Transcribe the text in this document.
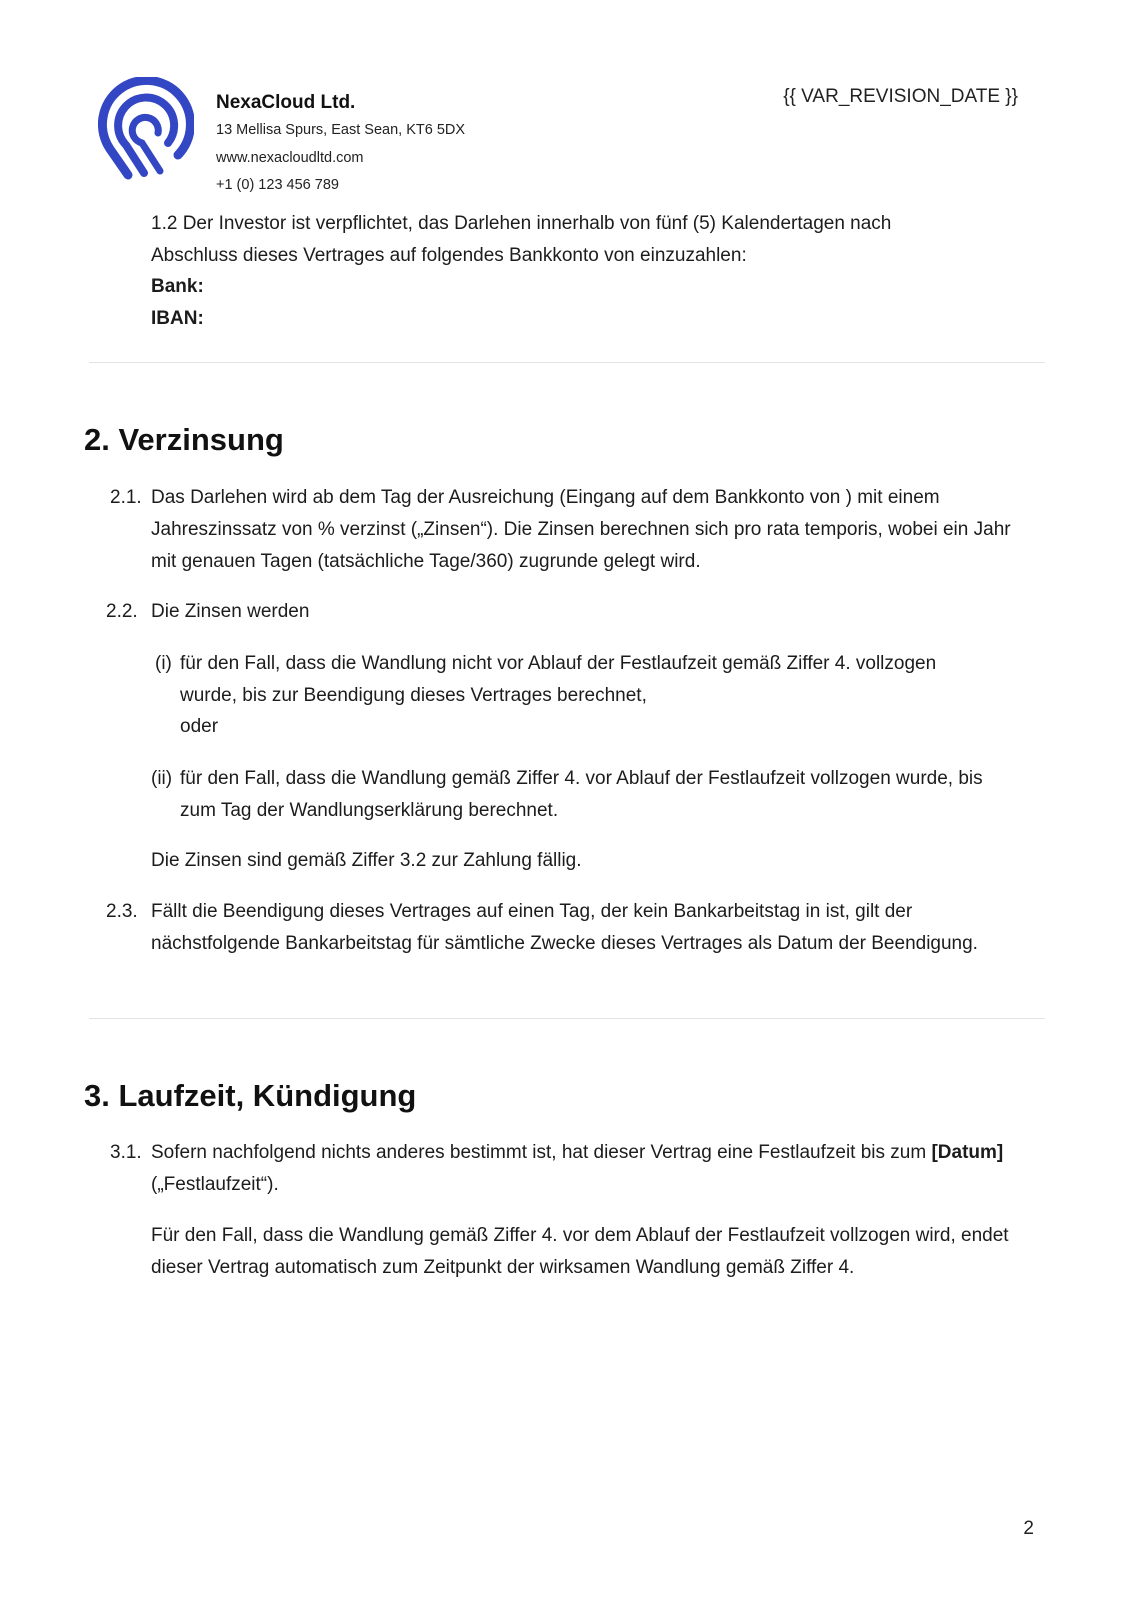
NexaCloud Ltd.
13 Mellisa Spurs, East Sean, KT6 5DX
www.nexacloudltd.com
+1 (0) 123 456 789
{{ VAR_REVISION_DATE }}

1.2 Der Investor ist verpflichtet, das Darlehen innerhalb von fünf (5) Kalendertagen nach

Abschluss dieses Vertrages auf folgendes Bankkonto von einzuzahlen:

Bank:

IBAN:

2. Verzinsung
2.1. Das Darlehen wird ab dem Tag der Ausreichung (Eingang auf dem Bankkonto von ) mit einem Jahreszinssatz von % verzinst („Zinsen“). Die Zinsen berechnen sich pro rata temporis, wobei ein Jahr mit genauen Tagen (tatsächliche Tage/360) zugrunde gelegt wird.

2.2. Die Zinsen werden

(i) für den Fall, dass die Wandlung nicht vor Ablauf der Festlaufzeit gemäß Ziffer 4. vollzogen wurde, bis zur Beendigung dieses Vertrages berechnet,

oder

(ii) für den Fall, dass die Wandlung gemäß Ziffer 4. vor Ablauf der Festlaufzeit vollzogen wurde, bis zum Tag der Wandlungserklärung berechnet.

Die Zinsen sind gemäß Ziffer 3.2 zur Zahlung fällig.

2.3. Fällt die Beendigung dieses Vertrages auf einen Tag, der kein Bankarbeitstag in ist, gilt der nächstfolgende Bankarbeitstag für sämtliche Zwecke dieses Vertrages als Datum der Beendigung.

3. Laufzeit, Kündigung
3.1. Sofern nachfolgend nichts anderes bestimmt ist, hat dieser Vertrag eine Festlaufzeit bis zum [Datum] („Festlaufzeit“).

Für den Fall, dass die Wandlung gemäß Ziffer 4. vor dem Ablauf der Festlaufzeit vollzogen wird, endet dieser Vertrag automatisch zum Zeitpunkt der wirksamen Wandlung gemäß Ziffer 4.

2
